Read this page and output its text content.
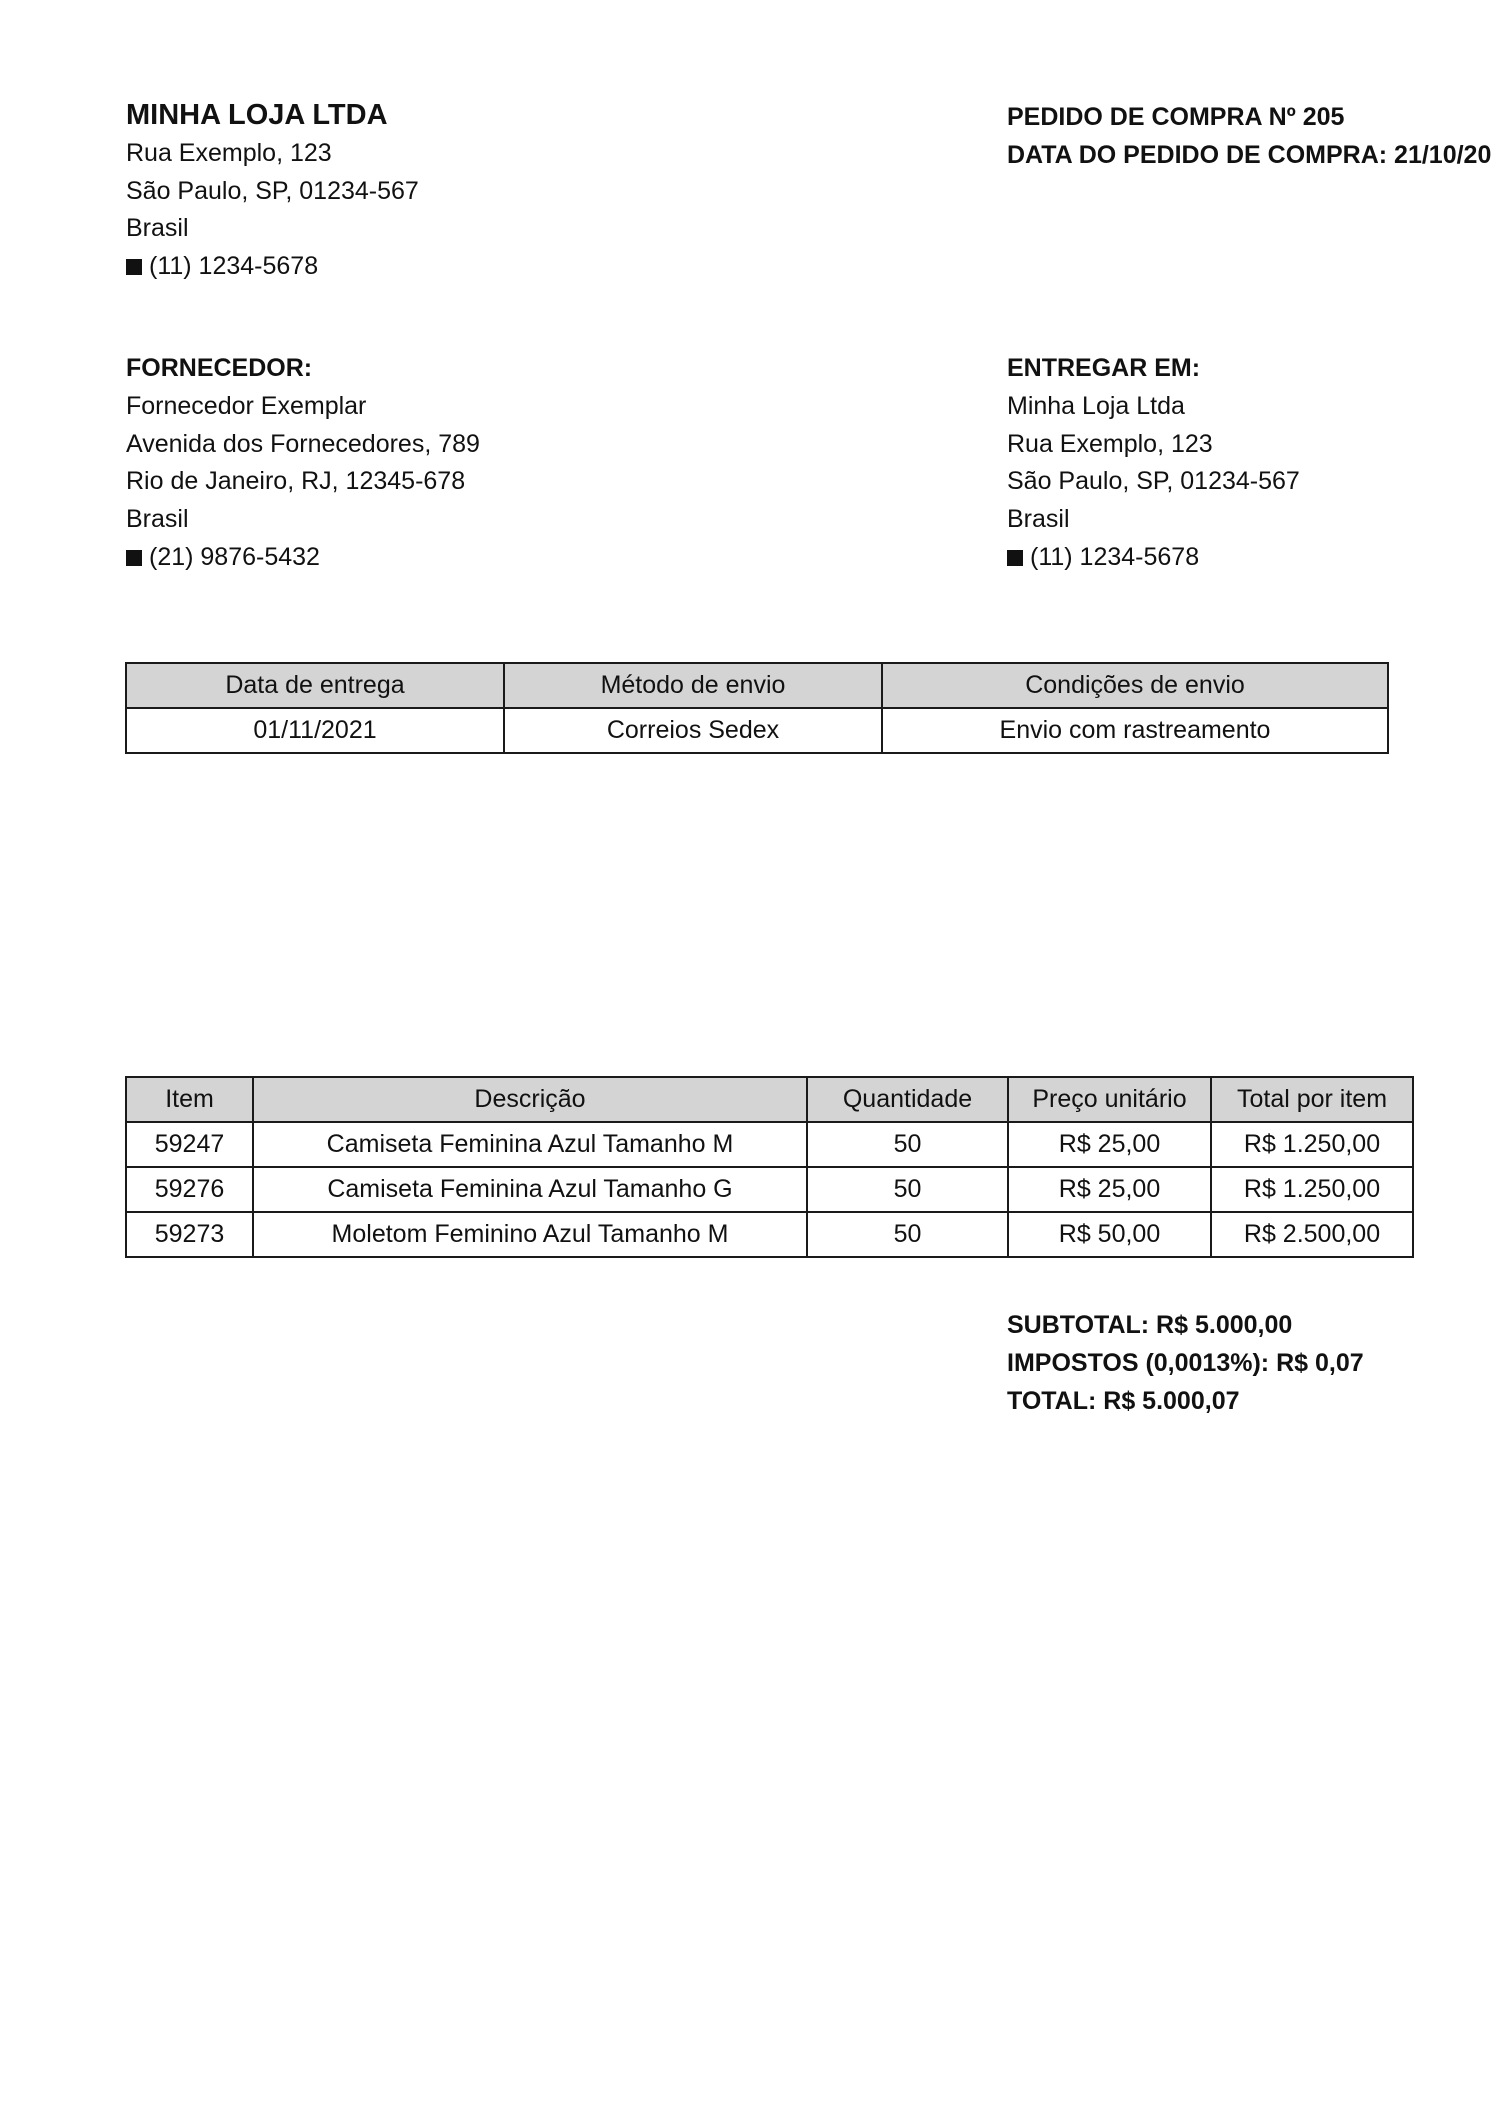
MINHA LOJA LTDA
Rua Exemplo, 123
São Paulo, SP, 01234-567
Brasil
(11) 1234-5678
PEDIDO DE COMPRA Nº 205
DATA DO PEDIDO DE COMPRA: 21/10/20
FORNECEDOR:
Fornecedor Exemplar
Avenida dos Fornecedores, 789
Rio de Janeiro, RJ, 12345-678
Brasil
(21) 9876-5432
ENTREGAR EM:
Minha Loja Ltda
Rua Exemplo, 123
São Paulo, SP, 01234-567
Brasil
(11) 1234-5678
Data de entrega	Método de envio	Condições de envio
01/11/2021	Correios Sedex	Envio com rastreamento
Item	Descrição	Quantidade	Preço unitário	Total por item
59247	Camiseta Feminina Azul Tamanho M	50	R$ 25,00	R$ 1.250,00
59276	Camiseta Feminina Azul Tamanho G	50	R$ 25,00	R$ 1.250,00
59273	Moletom Feminino Azul Tamanho M	50	R$ 50,00	R$ 2.500,00
SUBTOTAL: R$ 5.000,00
IMPOSTOS (0,0013%): R$ 0,07
TOTAL: R$ 5.000,07
